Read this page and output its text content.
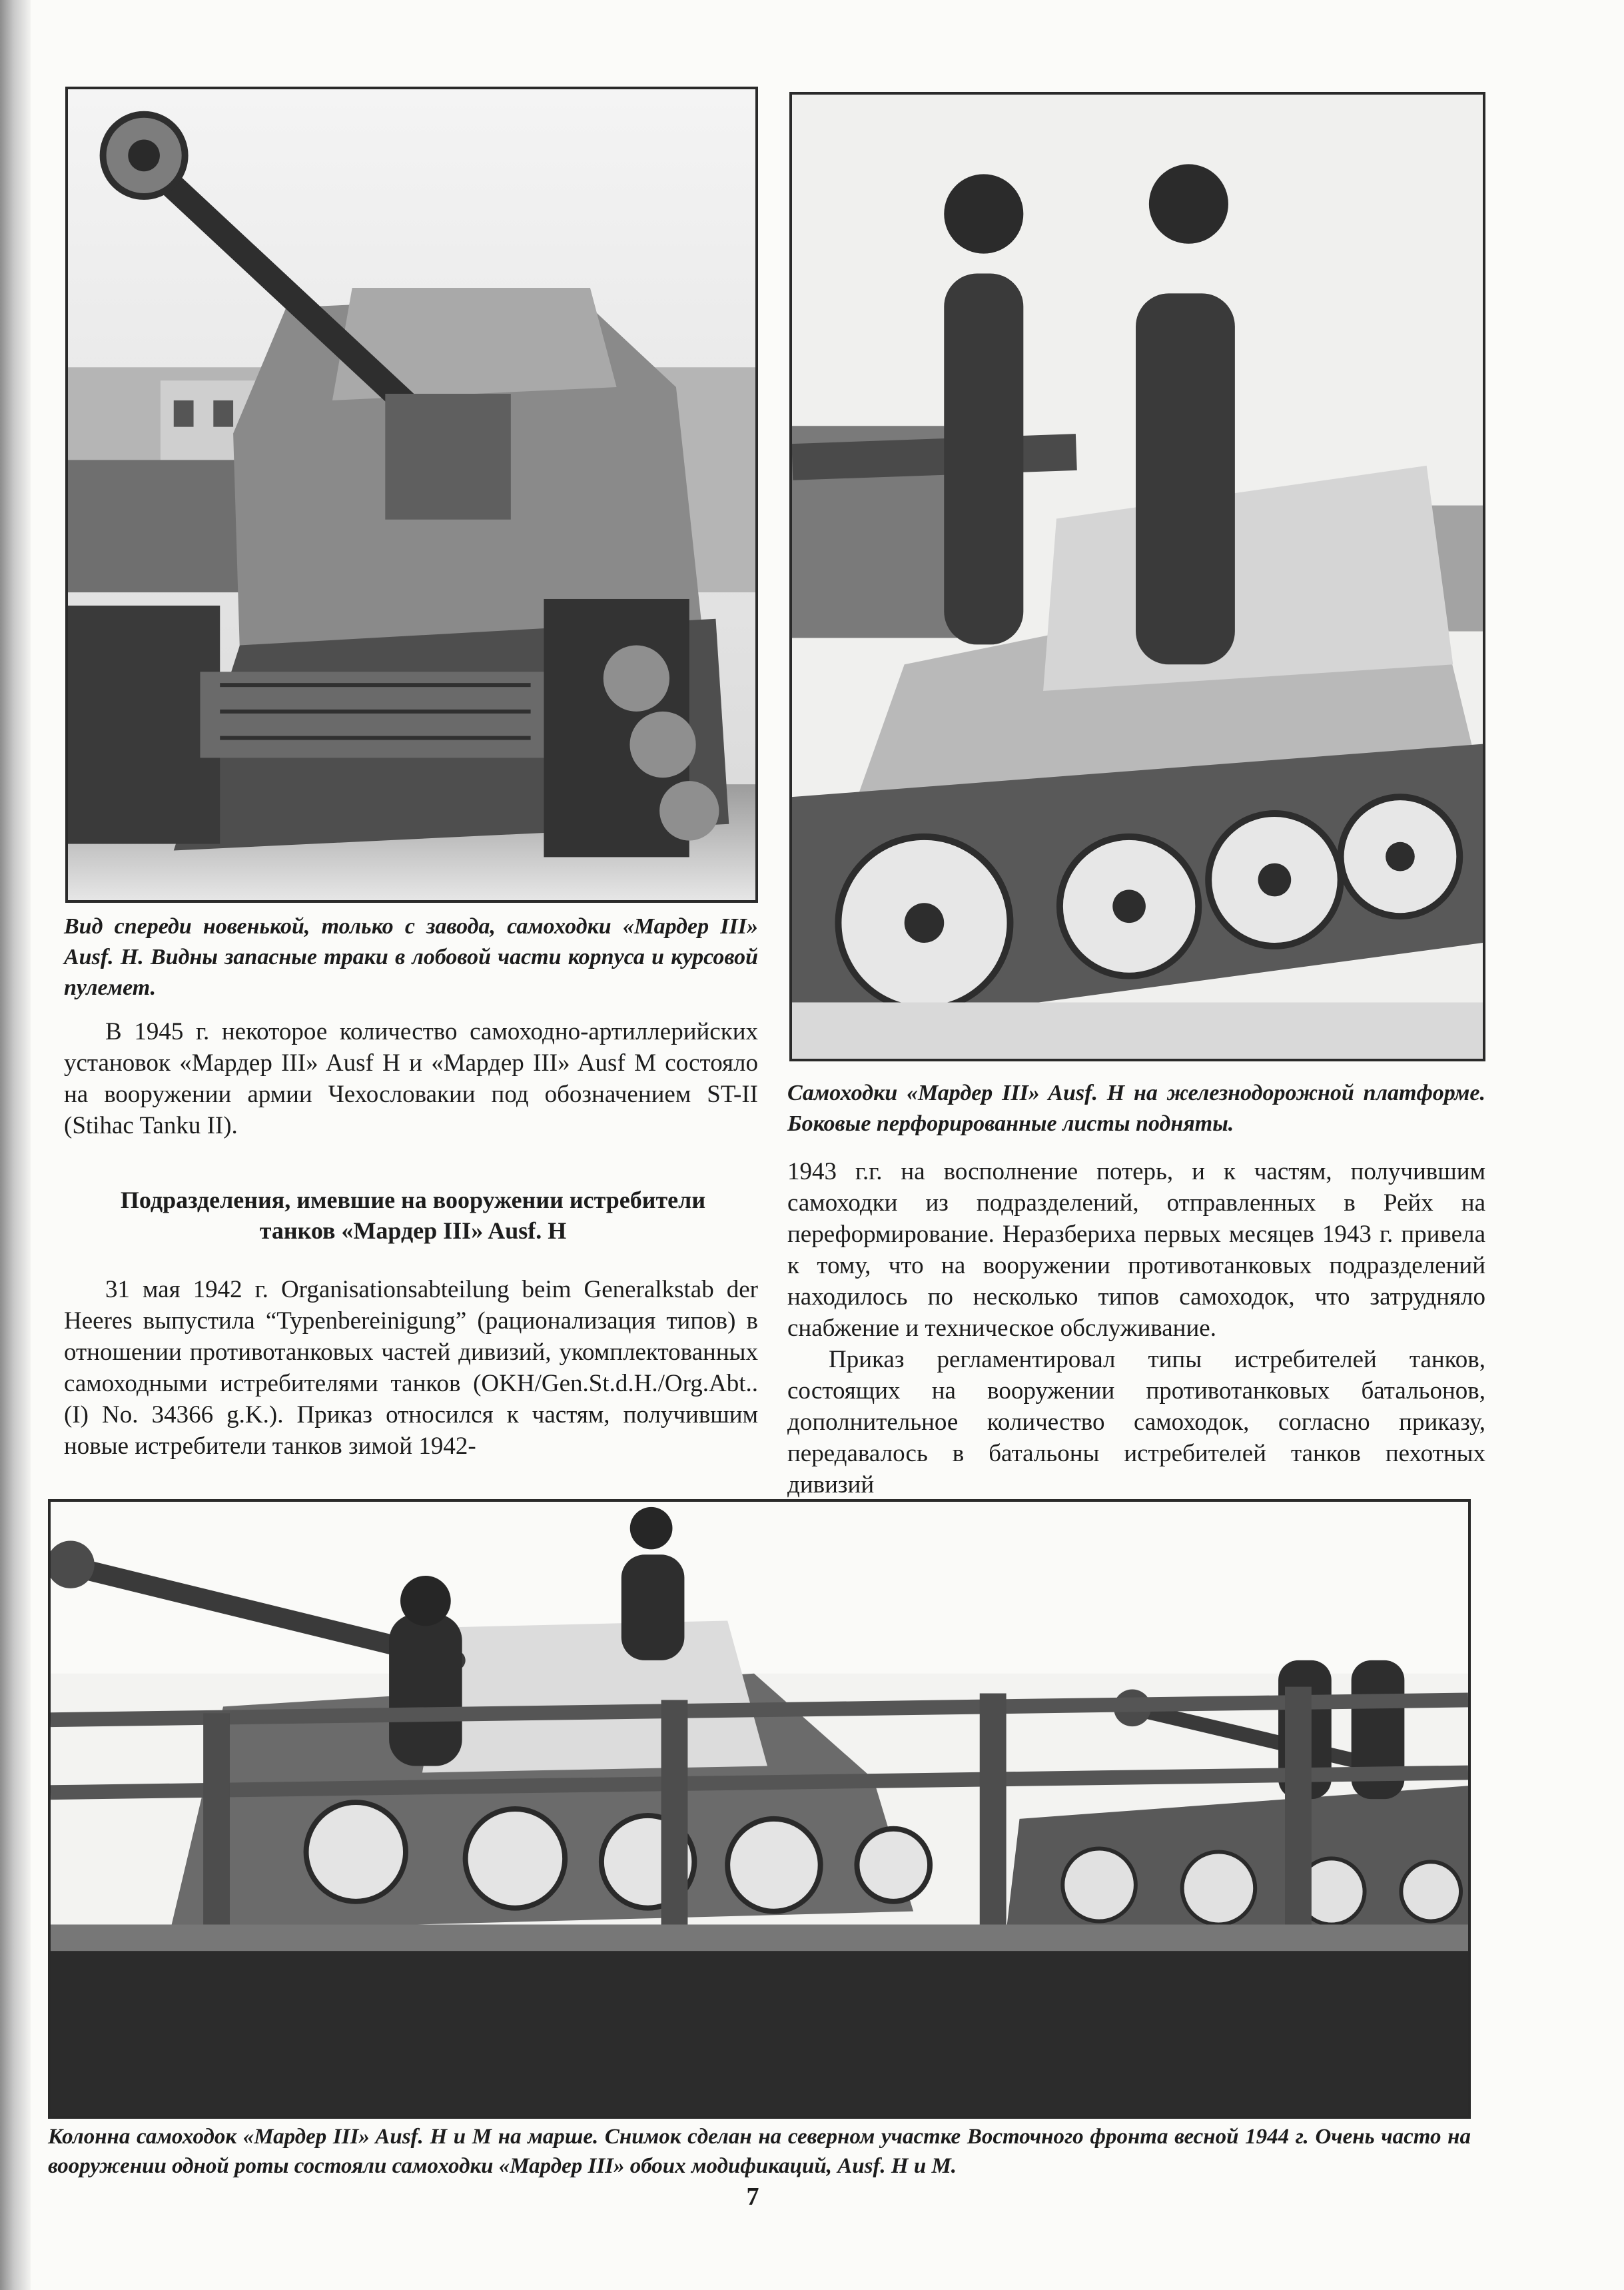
Вид спереди новенькой, только с завода, самоходки «Мардер III» Ausf. H. Видны запасные траки в лобовой части корпуса и курсовой пулемет.

В 1945 г. некоторое количество самоходно-артиллерийских установок «Мардер III» Ausf H и «Мардер III» Ausf M состояло на вооружении армии Чехословакии под обозначением ST-II (Stihac Tanku II).

Подразделения, имевшие на вооружении истребители танков «Мардер III» Ausf. H

31 мая 1942 г. Organisationsabteilung beim Generalkstab der Heeres выпустила “Typenbereinigung” (рационализация типов) в отношении противотанковых частей дивизий, укомплектованных самоходными истребителями танков (OKH/Gen.St.d.H./Org.Abt.. (I) No. 34366 g.K.). Приказ относился к частям, получившим новые истребители танков зимой 1942-

Самоходки «Мардер III» Ausf. H на железнодорожной платформе. Боковые перфорированные листы подняты.

1943 г.г. на восполнение потерь, и к частям, получившим самоходки из подразделений, отправленных в Рейх на переформирование. Неразбериха первых месяцев 1943 г. привела к тому, что на вооружении противотанковых подразделений находилось по несколько типов самоходок, что затрудняло снабжение и техническое обслуживание.

Приказ регламентировал типы истребителей танков, состоящих на вооружении противотанковых батальонов, дополнительное количество самоходок, согласно приказу, передавалось в батальоны истребителей танков пехотных дивизий

Колонна самоходок «Мардер III» Ausf. H и M на марше. Снимок сделан на северном участке Восточного фронта весной 1944 г. Очень часто на вооружении одной роты состояли самоходки «Мардер III» обоих модификаций, Ausf. H и M.

7
